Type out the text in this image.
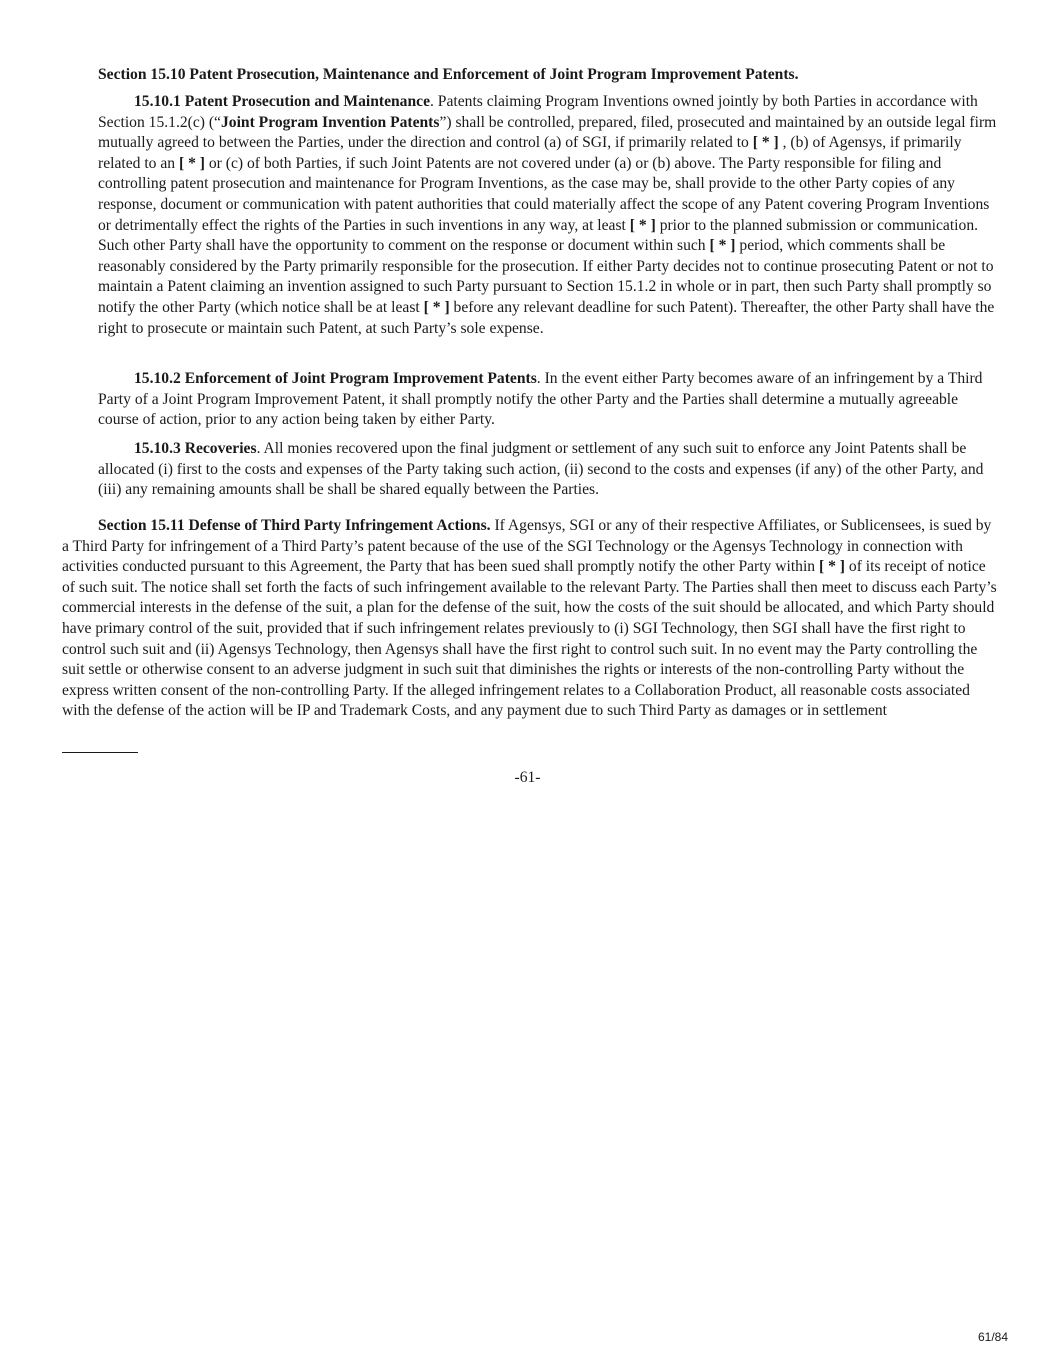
Section 15.10 Patent Prosecution, Maintenance and Enforcement of Joint Program Improvement Patents.

15.10.1 Patent Prosecution and Maintenance. Patents claiming Program Inventions owned jointly by both Parties in accordance with Section 15.1.2(c) (“Joint Program Invention Patents”) shall be controlled, prepared, filed, prosecuted and maintained by an outside legal firm mutually agreed to between the Parties, under the direction and control (a) of SGI, if primarily related to [ * ] , (b) of Agensys, if primarily related to an [ * ] or (c) of both Parties, if such Joint Patents are not covered under (a) or (b) above. The Party responsible for filing and controlling patent prosecution and maintenance for Program Inventions, as the case may be, shall provide to the other Party copies of any response, document or communication with patent authorities that could materially affect the scope of any Patent covering Program Inventions or detrimentally effect the rights of the Parties in such inventions in any way, at least [ * ] prior to the planned submission or communication. Such other Party shall have the opportunity to comment on the response or document within such [ * ] period, which comments shall be reasonably considered by the Party primarily responsible for the prosecution. If either Party decides not to continue prosecuting Patent or not to maintain a Patent claiming an invention assigned to such Party pursuant to Section 15.1.2 in whole or in part, then such Party shall promptly so notify the other Party (which notice shall be at least [ * ] before any relevant deadline for such Patent). Thereafter, the other Party shall have the right to prosecute or maintain such Patent, at such Party’s sole expense.

15.10.2 Enforcement of Joint Program Improvement Patents. In the event either Party becomes aware of an infringement by a Third Party of a Joint Program Improvement Patent, it shall promptly notify the other Party and the Parties shall determine a mutually agreeable course of action, prior to any action being taken by either Party.

15.10.3 Recoveries. All monies recovered upon the final judgment or settlement of any such suit to enforce any Joint Patents shall be allocated (i) first to the costs and expenses of the Party taking such action, (ii) second to the costs and expenses (if any) of the other Party, and (iii) any remaining amounts shall be shall be shared equally between the Parties.

Section 15.11 Defense of Third Party Infringement Actions. If Agensys, SGI or any of their respective Affiliates, or Sublicensees, is sued by a Third Party for infringement of a Third Party’s patent because of the use of the SGI Technology or the Agensys Technology in connection with activities conducted pursuant to this Agreement, the Party that has been sued shall promptly notify the other Party within [ * ] of its receipt of notice of such suit. The notice shall set forth the facts of such infringement available to the relevant Party. The Parties shall then meet to discuss each Party’s commercial interests in the defense of the suit, a plan for the defense of the suit, how the costs of the suit should be allocated, and which Party should have primary control of the suit, provided that if such infringement relates previously to (i) SGI Technology, then SGI shall have the first right to control such suit and (ii) Agensys Technology, then Agensys shall have the first right to control such suit. In no event may the Party controlling the suit settle or otherwise consent to an adverse judgment in such suit that diminishes the rights or interests of the non-controlling Party without the express written consent of the non-controlling Party. If the alleged infringement relates to a Collaboration Product, all reasonable costs associated with the defense of the action will be IP and Trademark Costs, and any payment due to such Third Party as damages or in settlement

-61-
61/84
